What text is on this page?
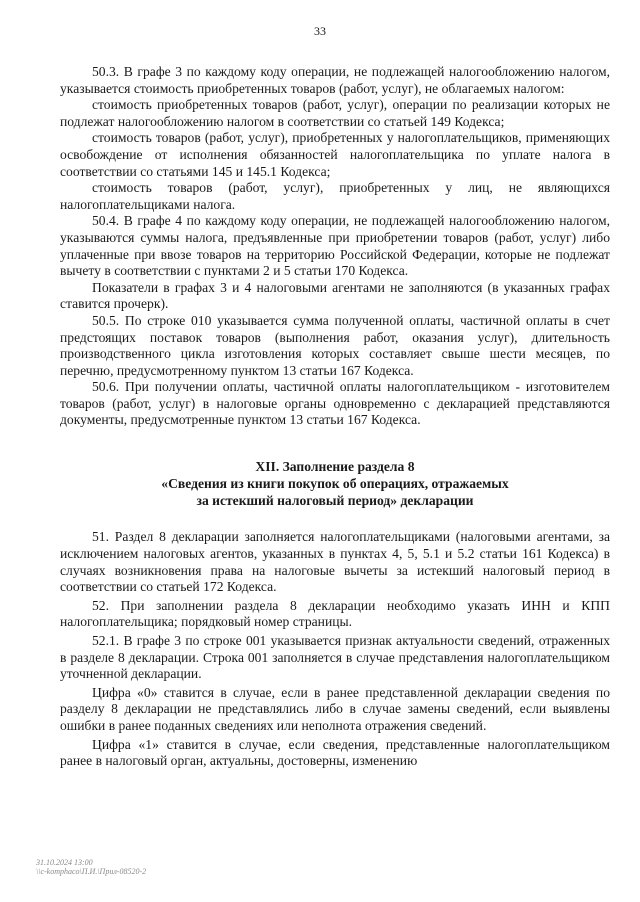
33

50.3. В графе 3 по каждому коду операции, не подлежащей налогообложению налогом, указывается стоимость приобретенных товаров (работ, услуг), не облагаемых налогом:

стоимость приобретенных товаров (работ, услуг), операции по реализации которых не подлежат налогообложению налогом в соответствии со статьей 149 Кодекса;

стоимость товаров (работ, услуг), приобретенных у налогоплательщиков, применяющих освобождение от исполнения обязанностей налогоплательщика по уплате налога в соответствии со статьями 145 и 145.1 Кодекса;

стоимость товаров (работ, услуг), приобретенных у лиц, не являющихся налогоплательщиками налога.

50.4. В графе 4 по каждому коду операции, не подлежащей налогообложению налогом, указываются суммы налога, предъявленные при приобретении товаров (работ, услуг) либо уплаченные при ввозе товаров на территорию Российской Федерации, которые не подлежат вычету в соответствии с пунктами 2 и 5 статьи 170 Кодекса.

Показатели в графах 3 и 4 налоговыми агентами не заполняются (в указанных графах ставится прочерк).

50.5. По строке 010 указывается сумма полученной оплаты, частичной оплаты в счет предстоящих поставок товаров (выполнения работ, оказания услуг), длительность производственного цикла изготовления которых составляет свыше шести месяцев, по перечню, предусмотренному пунктом 13 статьи 167 Кодекса.

50.6. При получении оплаты, частичной оплаты налогоплательщиком - изготовителем товаров (работ, услуг) в налоговые органы одновременно с декларацией представляются документы, предусмотренные пунктом 13 статьи 167 Кодекса.

XII. Заполнение раздела 8
«Сведения из книги покупок об операциях, отражаемых
за истекший налоговый период» декларации

51. Раздел 8 декларации заполняется налогоплательщиками (налоговыми агентами, за исключением налоговых агентов, указанных в пунктах 4, 5, 5.1 и 5.2 статьи 161 Кодекса) в случаях возникновения права на налоговые вычеты за истекший налоговый период в соответствии со статьей 172 Кодекса.

52. При заполнении раздела 8 декларации необходимо указать ИНН и КПП налогоплательщика; порядковый номер страницы.

52.1. В графе 3 по строке 001 указывается признак актуальности сведений, отраженных в разделе 8 декларации. Строка 001 заполняется в случае представления налогоплательщиком уточненной декларации.

Цифра «0» ставится в случае, если в ранее представленной декларации сведения по разделу 8 декларации не представлялись либо в случае замены сведений, если выявлены ошибки в ранее поданных сведениях или неполнота отражения сведений.

Цифра «1» ставится в случае, если сведения, представленные налогоплательщиком ранее в налоговый орган, актуальны, достоверны, изменению

31.10.2024 13:00
\\c-komphaco\П.И.\Прил-08520-2
